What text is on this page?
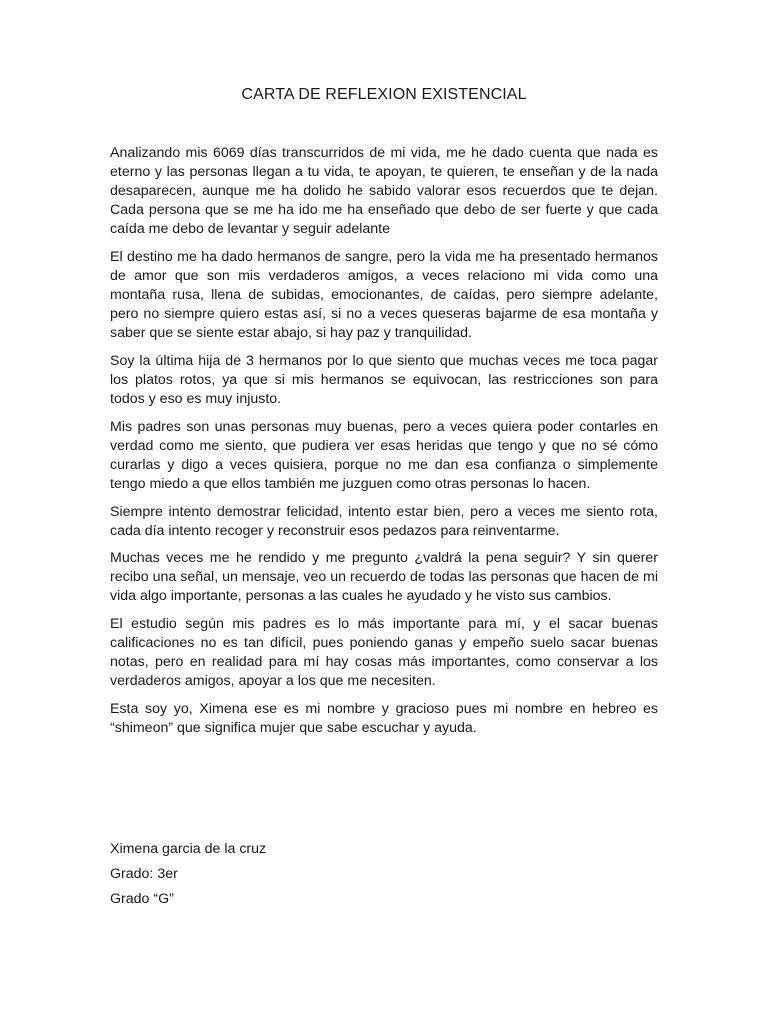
CARTA DE REFLEXION EXISTENCIAL

Analizando mis 6069 días transcurridos de mi vida, me he dado cuenta que nada es eterno y las personas llegan a tu vida, te apoyan, te quieren, te enseñan y de la nada desaparecen, aunque me ha dolido he sabido valorar esos recuerdos que te dejan. Cada persona que se me ha ido me ha enseñado que debo de ser fuerte y que cada caída me debo de levantar y seguir adelante

El destino me ha dado hermanos de sangre, pero la vida me ha presentado hermanos de amor que son mis verdaderos amigos, a veces relaciono mi vida como una montaña rusa, llena de subidas, emocionantes, de caídas, pero siempre adelante, pero no siempre quiero estas así, si no a veces queseras bajarme de esa montaña y saber que se siente estar abajo, si hay paz y tranquilidad.

Soy la última hija de 3 hermanos por lo que siento que muchas veces me toca pagar los platos rotos, ya que si mis hermanos se equivocan, las restricciones son para todos y eso es muy injusto.

Mis padres son unas personas muy buenas, pero a veces quiera poder contarles en verdad como me siento, que pudiera ver esas heridas que tengo y que no sé cómo curarlas y digo a veces quisiera, porque no me dan esa confianza o simplemente tengo miedo a que ellos también me juzguen como otras personas lo hacen.

Siempre intento demostrar felicidad, intento estar bien, pero a veces me siento rota, cada día intento recoger y reconstruir esos pedazos para reinventarme.

Muchas veces me he rendido y me pregunto ¿valdrá la pena seguir? Y sin querer recibo una señal, un mensaje, veo un recuerdo de todas las personas que hacen de mi vida algo importante, personas a las cuales he ayudado y he visto sus cambios.

El estudio según mis padres es lo más importante para mí, y el sacar buenas calificaciones no es tan difícil, pues poniendo ganas y empeño suelo sacar buenas notas, pero en realidad para mí hay cosas más importantes, como conservar a los verdaderos amigos, apoyar a los que me necesiten.

Esta soy yo, Ximena ese es mi nombre y gracioso pues mi nombre en hebreo es “shimeon” que significa mujer que sabe escuchar y ayuda.

Ximena garcia de la cruz
Grado: 3er
Grado “G”
